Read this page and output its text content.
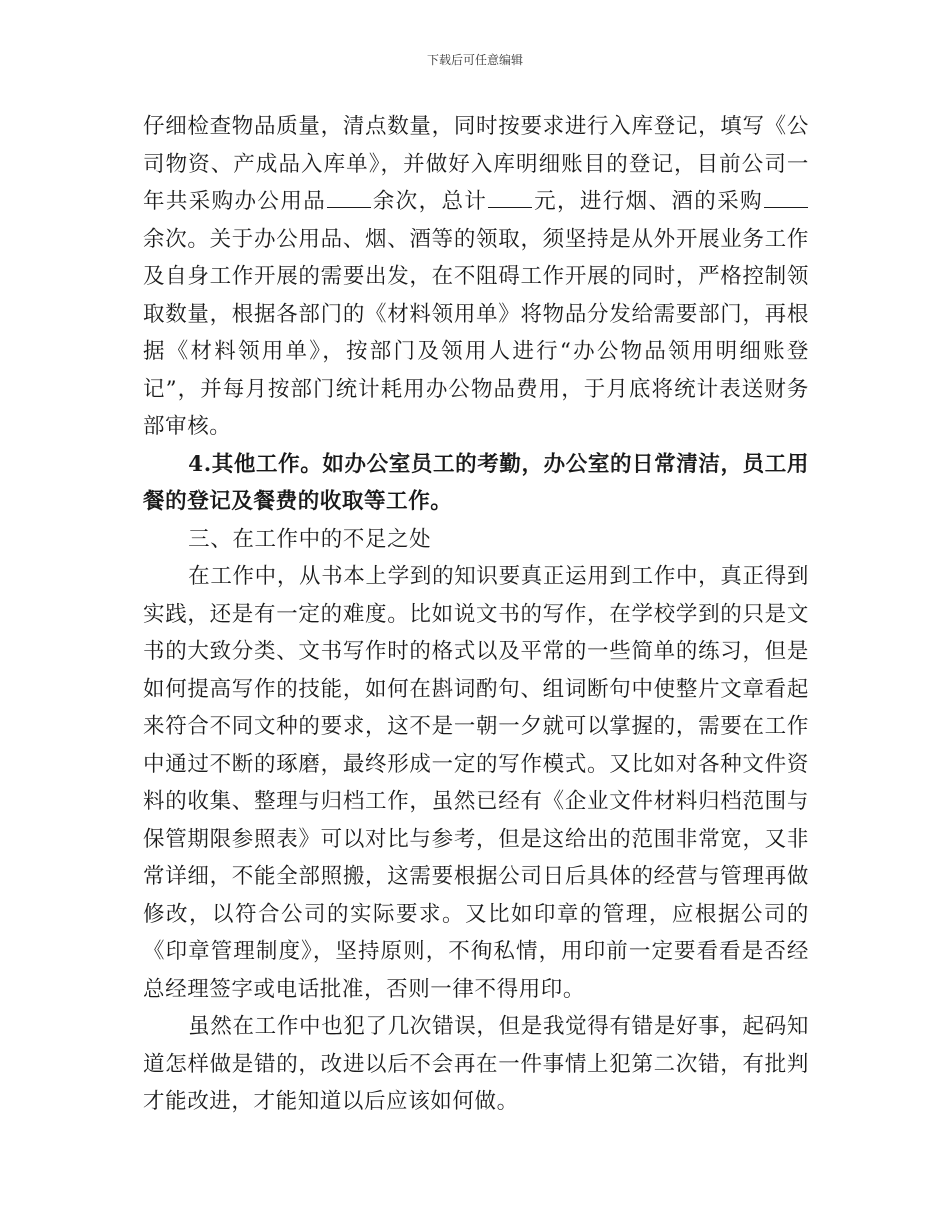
下载后可任意编辑

仔细检查物品质量，清点数量，同时按要求进行入库登记，填写《公司物资、产成品入库单》，并做好入库明细账目的登记，目前公司一年共采购办公用品 余次，总计 元，进行烟、酒的采购余次。关于办公用品、烟、酒等的领取，须坚持是从外开展业务工作及自身工作开展的需要出发，在不阻碍工作开展的同时，严格控制领取数量，根据各部门的《材料领用单》将物品分发给需要部门，再根据《材料领用单》，按部门及领用人进行“办公物品领用明细账登记”，并每月按部门统计耗用办公物品费用，于月底将统计表送财务部审核。

4.其他工作。如办公室员工的考勤，办公室的日常清洁，员工用餐的登记及餐费的收取等工作。

三、在工作中的不足之处

在工作中，从书本上学到的知识要真正运用到工作中，真正得到实践，还是有一定的难度。比如说文书的写作，在学校学到的只是文书的大致分类、文书写作时的格式以及平常的一些简单的练习，但是如何提高写作的技能，如何在斟词酌句、组词断句中使整片文章看起来符合不同文种的要求，这不是一朝一夕就可以掌握的，需要在工作中通过不断的琢磨，最终形成一定的写作模式。又比如对各种文件资料的收集、整理与归档工作，虽然已经有《企业文件材料归档范围与保管期限参照表》可以对比与参考，但是这给出的范围非常宽，又非常详细，不能全部照搬，这需要根据公司日后具体的经营与管理再做修改，以符合公司的实际要求。又比如印章的管理，应根据公司的《印章管理制度》，坚持原则，不徇私情，用印前一定要看看是否经总经理签字或电话批准，否则一律不得用印。

虽然在工作中也犯了几次错误，但是我觉得有错是好事，起码知道怎样做是错的，改进以后不会再在一件事情上犯第二次错，有批判才能改进，才能知道以后应该如何做。
